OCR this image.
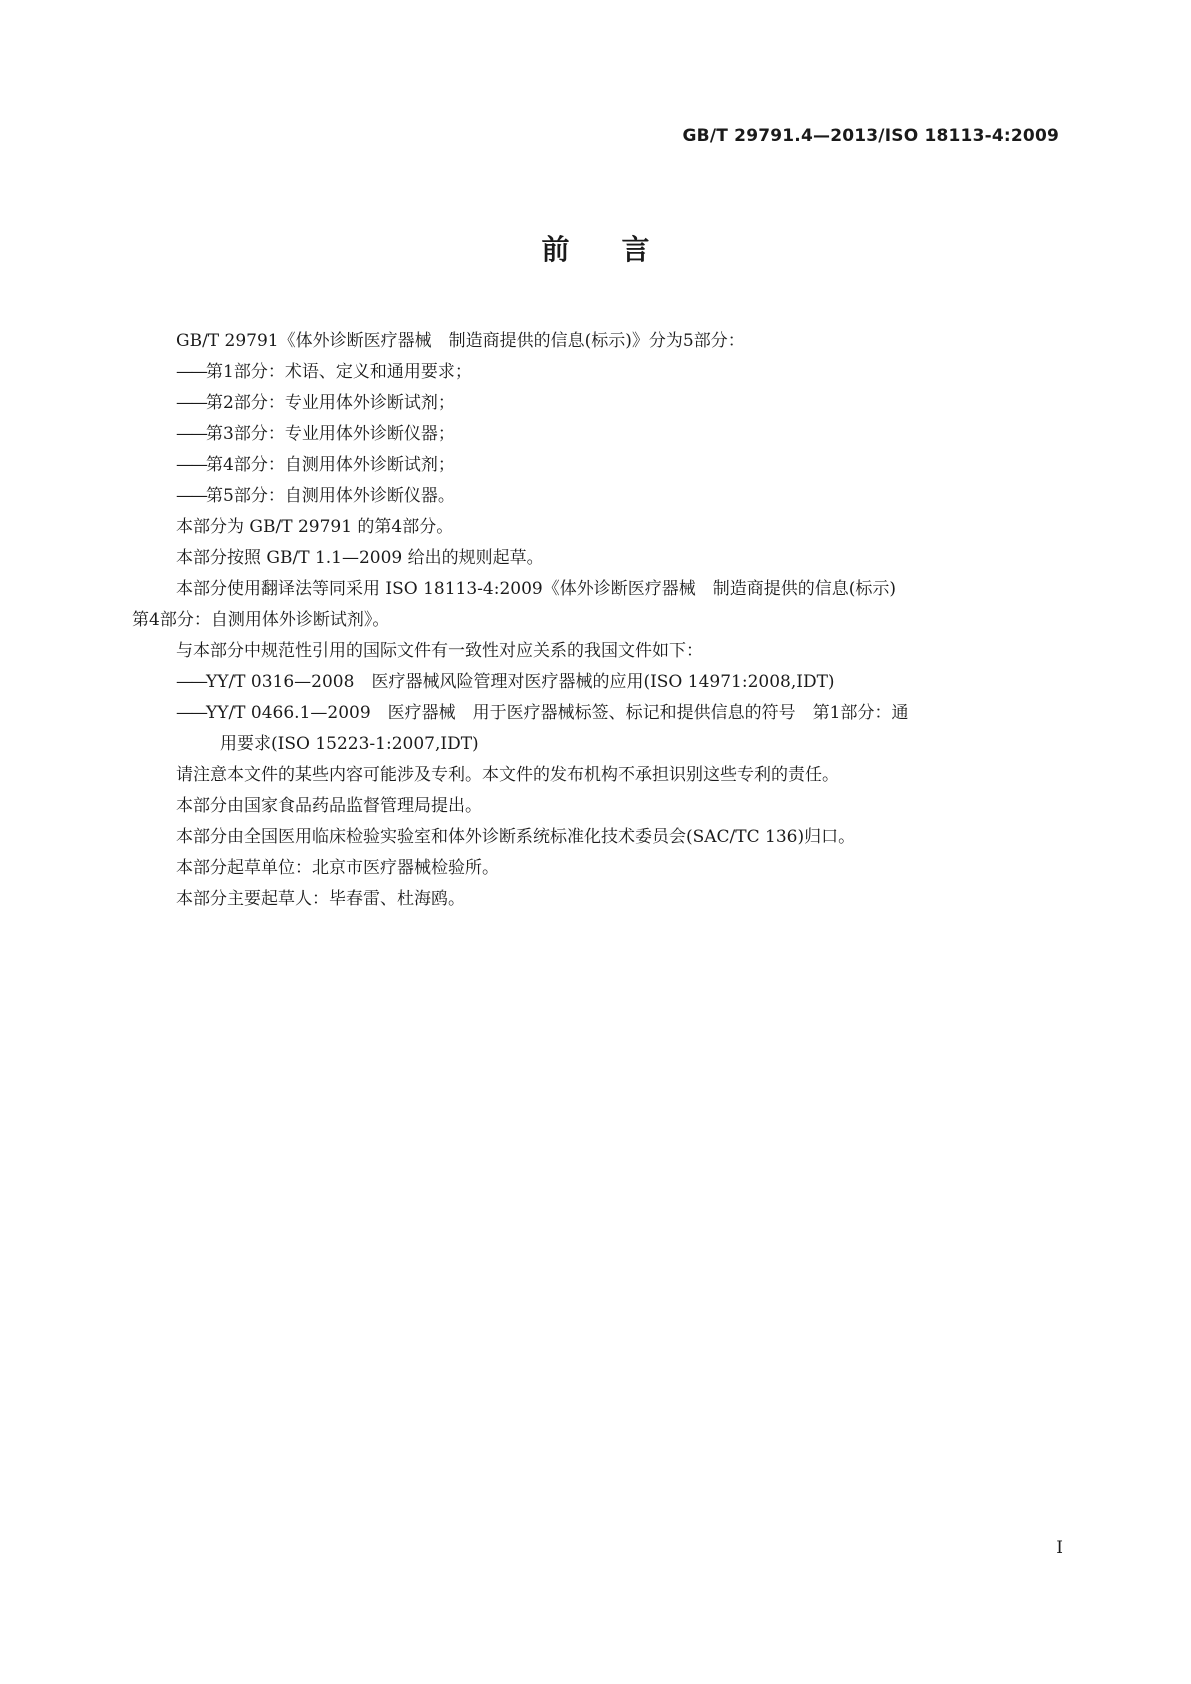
GB/T 29791.4—2013/ISO 18113-4:2009
前言

GB/T 29791《体外诊断医疗器械　制造商提供的信息(标示)》分为5部分：

——第1部分：术语、定义和通用要求；

——第2部分：专业用体外诊断试剂；

——第3部分：专业用体外诊断仪器；

——第4部分：自测用体外诊断试剂；

——第5部分：自测用体外诊断仪器。

本部分为 GB/T 29791 的第4部分。

本部分按照 GB/T 1.1—2009 给出的规则起草。

本部分使用翻译法等同采用 ISO 18113-4:2009《体外诊断医疗器械　制造商提供的信息(标示)

第4部分：自测用体外诊断试剂》。

与本部分中规范性引用的国际文件有一致性对应关系的我国文件如下：

——YY/T 0316—2008　医疗器械风险管理对医疗器械的应用(ISO 14971:2008,IDT)

——YY/T 0466.1—2009　医疗器械　用于医疗器械标签、标记和提供信息的符号　第1部分：通

用要求(ISO 15223-1:2007,IDT)

请注意本文件的某些内容可能涉及专利。本文件的发布机构不承担识别这些专利的责任。

本部分由国家食品药品监督管理局提出。

本部分由全国医用临床检验实验室和体外诊断系统标准化技术委员会(SAC/TC 136)归口。

本部分起草单位：北京市医疗器械检验所。

本部分主要起草人：毕春雷、杜海鸥。

I
